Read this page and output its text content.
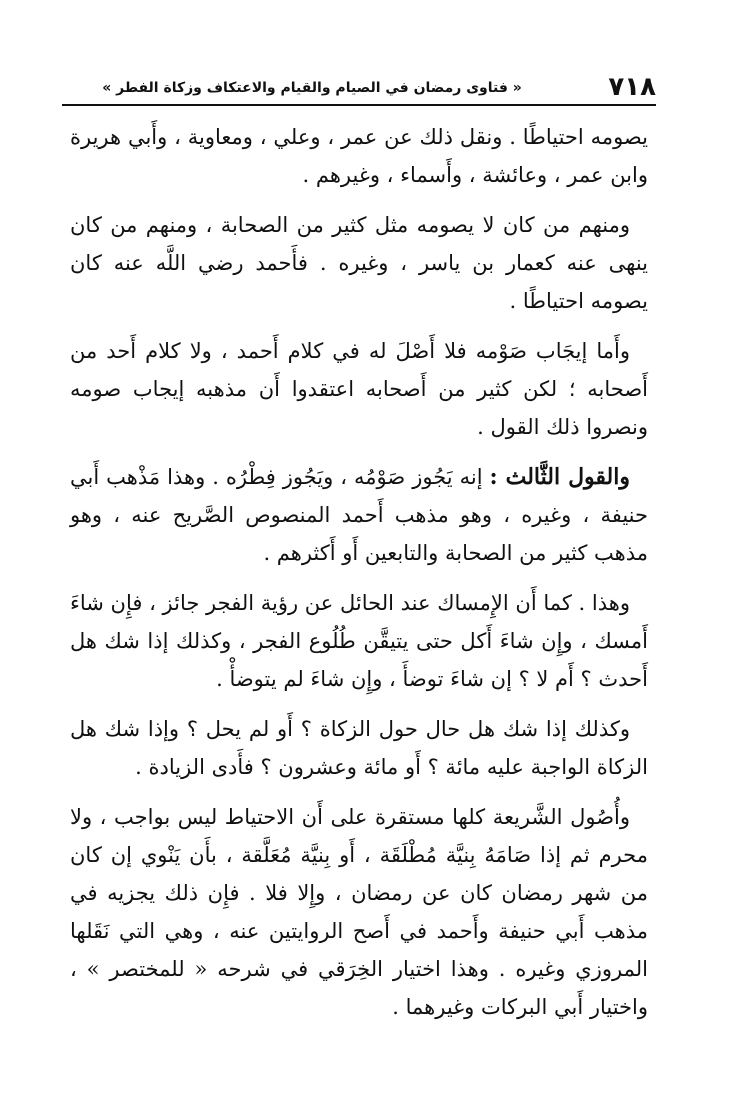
٧١٨
« فتاوى رمضان في الصيام والقيام والاعتكاف وزكاة الفطر »

يصومه احتياطًا . ونقل ذلك عن عمر ، وعلي ، ومعاوية ، وأَبي هريرة وابن عمر ، وعائشة ، وأَسماء ، وغيرهم .

ومنهم من كان لا يصومه مثل كثير من الصحابة ، ومنهم من كان ينهى عنه كعمار بن ياسر ، وغيره . فأَحمد رضي اللَّه عنه كان يصومه احتياطًا .

وأَما إيجَاب صَوْمه فلا أَصْلَ له في كلام أَحمد ، ولا كلام أَحد من أَصحابه ؛ لكن كثير من أَصحابه اعتقدوا أَن مذهبه إيجاب صومه ونصروا ذلك القول .

والقول الثَّالث : إنه يَجُوز صَوْمُه ، ويَجُوز فِطْرُه . وهذا مَذْهب أَبي حنيفة ، وغيره ، وهو مذهب أَحمد المنصوص الصَّريح عنه ، وهو مذهب كثير من الصحابة والتابعين أَو أَكثرهم .

وهذا . كما أَن الإِمساك عند الحائل عن رؤية الفجر جائز ، فإِن شاءَ أَمسك ، وإِن شاءَ أَكل حتى يتيقَّن طُلُوع الفجر ، وكذلك إذا شك هل أَحدث ؟ أَم لا ؟ إن شاءَ توضأَ ، وإِن شاءَ لم يتوضأْ .

وكذلك إذا شك هل حال حول الزكاة ؟ أَو لم يحل ؟ وإذا شك هل الزكاة الواجبة عليه مائة ؟ أَو مائة وعشرون ؟ فأَدى الزيادة .

وأُصُول الشَّريعة كلها مستقرة على أَن الاحتياط ليس بواجب ، ولا محرم ثم إذا صَامَهُ بِنيَّة مُطْلَقَة ، أَو بِنيَّة مُعَلَّقة ، بأَن يَنْوي إن كان من شهر رمضان كان عن رمضان ، وإِلا فلا . فإِن ذلك يجزيه في مذهب أَبي حنيفة وأَحمد في أَصح الروايتين عنه ، وهي التي نَقَلها المروزي وغيره . وهذا اختيار الخِرَقي في شرحه « للمختصر » ، واختيار أَبي البركات وغيرهما .
